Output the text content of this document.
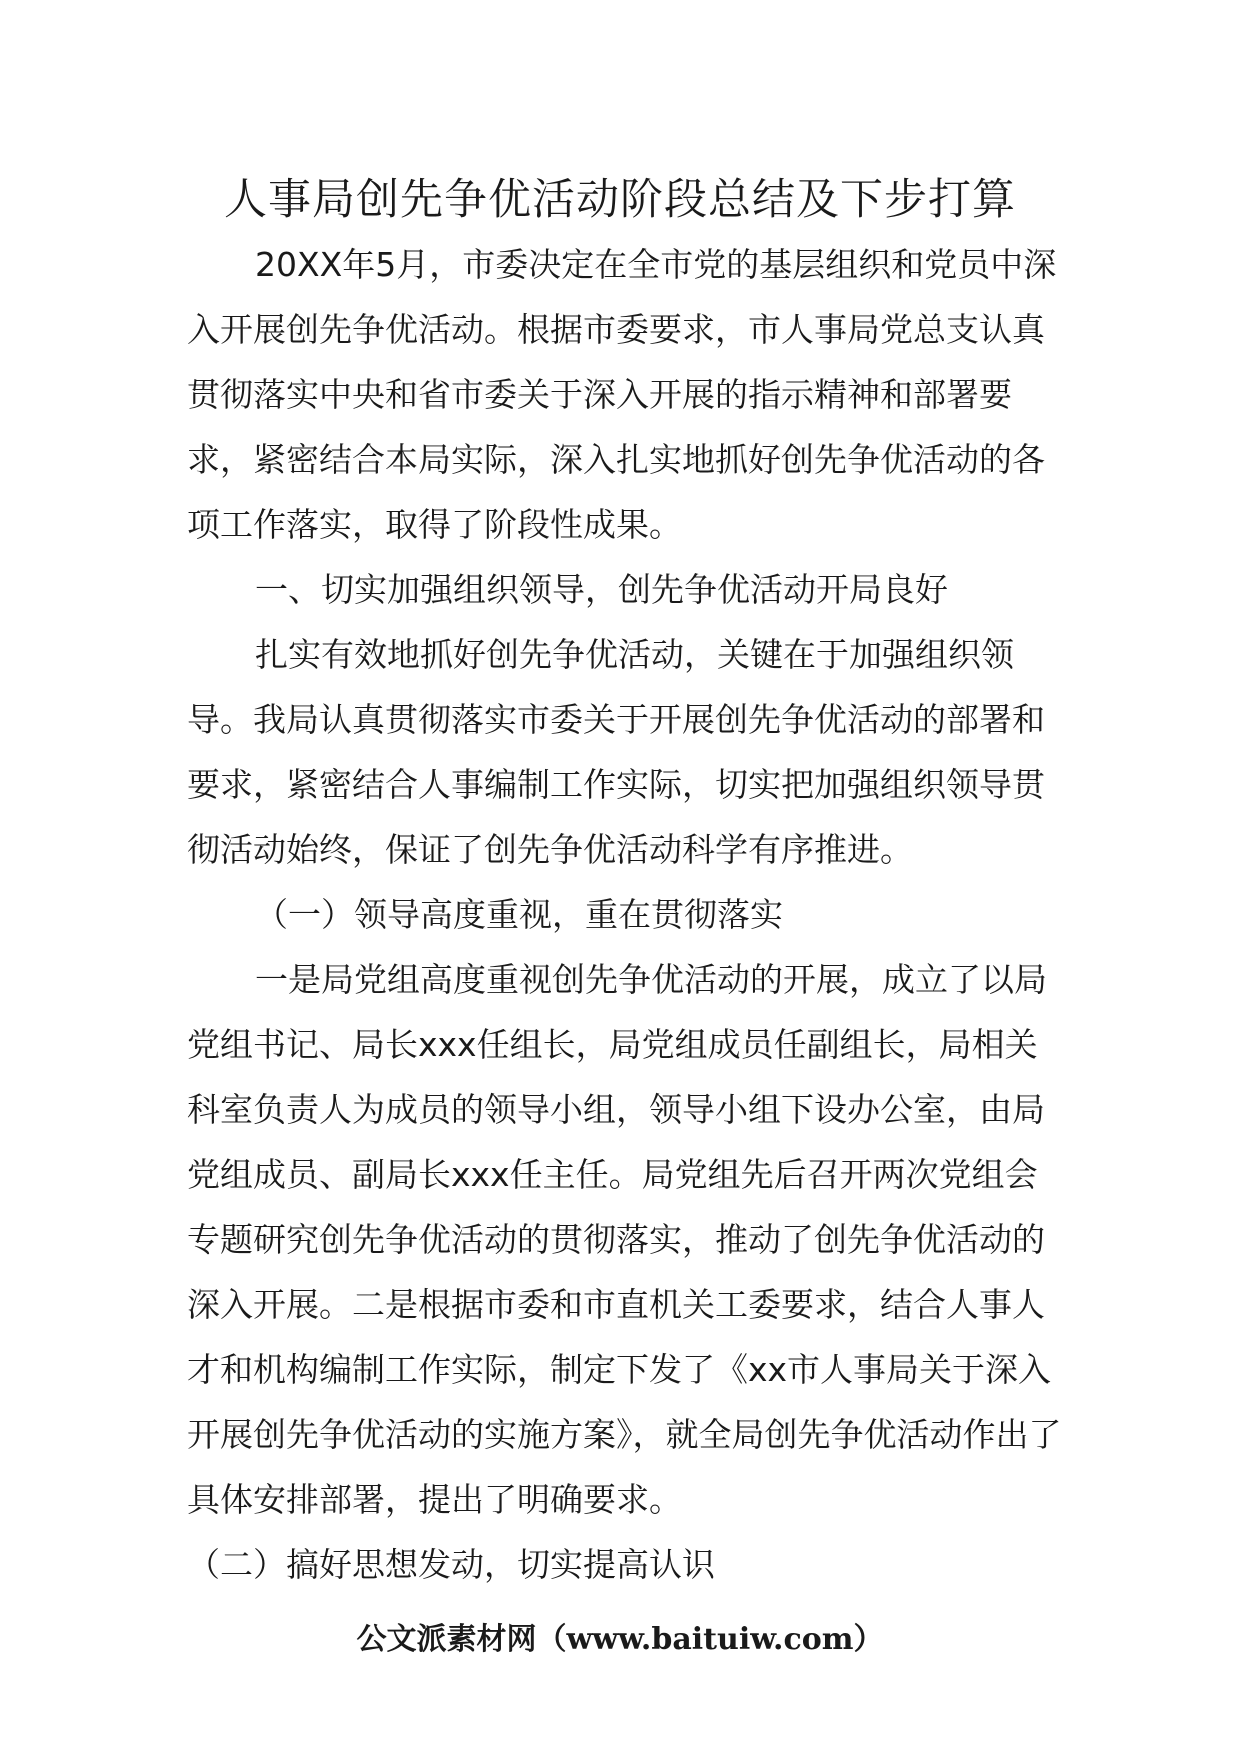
人事局创先争优活动阶段总结及下步打算

20XX年5月，市委决定在全市党的基层组织和党员中深入开展创先争优活动。根据市委要求，市人事局党总支认真贯彻落实中央和省市委关于深入开展的指示精神和部署要求，紧密结合本局实际，深入扎实地抓好创先争优活动的各项工作落实，取得了阶段性成果。

一、切实加强组织领导，创先争优活动开局良好

扎实有效地抓好创先争优活动，关键在于加强组织领导。我局认真贯彻落实市委关于开展创先争优活动的部署和要求，紧密结合人事编制工作实际，切实把加强组织领导贯彻活动始终，保证了创先争优活动科学有序推进。

（一）领导高度重视，重在贯彻落实

一是局党组高度重视创先争优活动的开展，成立了以局党组书记、局长xxx任组长，局党组成员任副组长，局相关科室负责人为成员的领导小组，领导小组下设办公室，由局党组成员、副局长xxx任主任。局党组先后召开两次党组会专题研究创先争优活动的贯彻落实，推动了创先争优活动的深入开展。二是根据市委和市直机关工委要求，结合人事人才和机构编制工作实际，制定下发了《xx市人事局关于深入开展创先争优活动的实施方案》，就全局创先争优活动作出了具体安排部署，提出了明确要求。

（二）搞好思想发动，切实提高认识

公文派素材网（www.baituiw.com）
